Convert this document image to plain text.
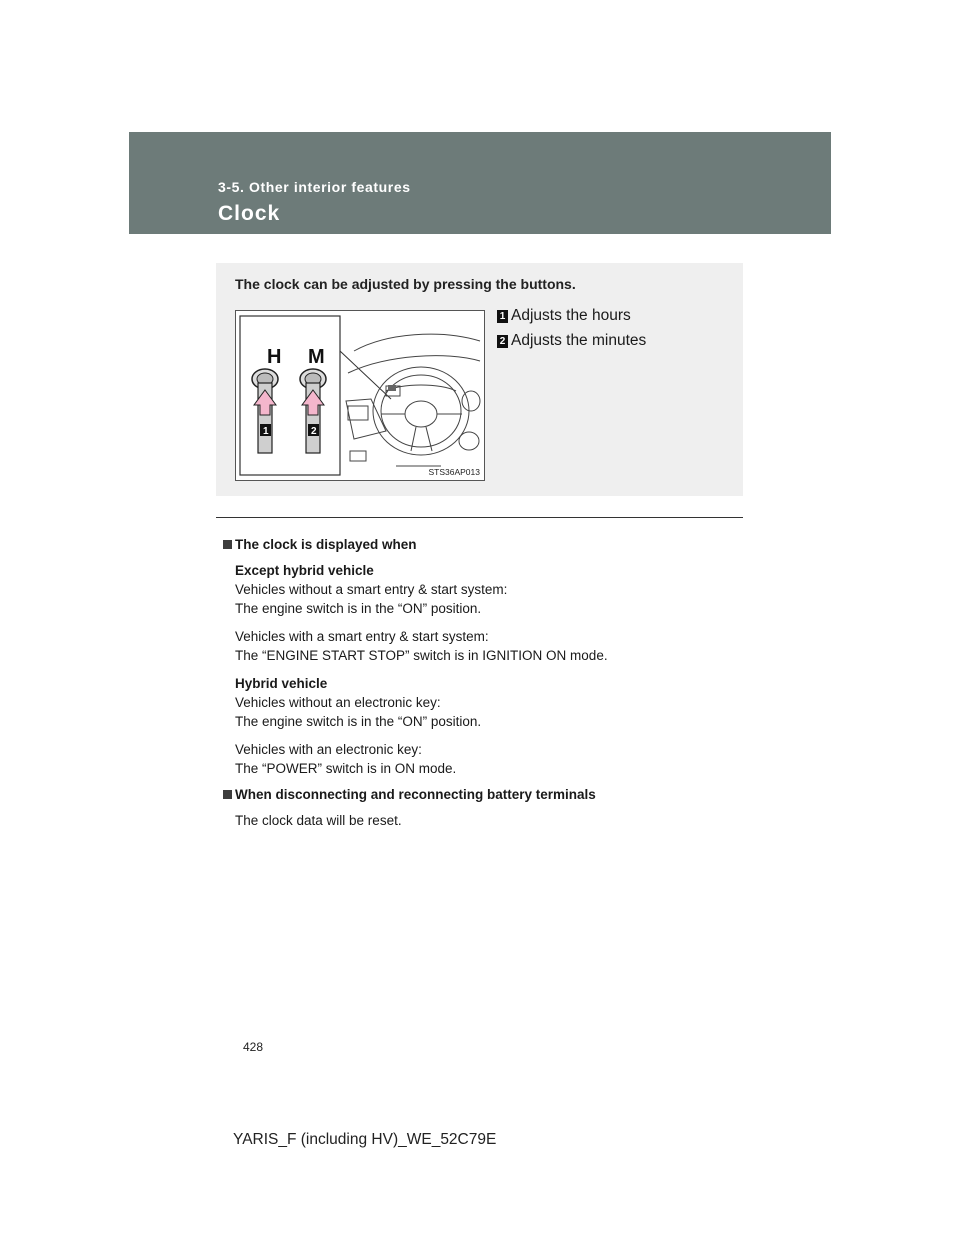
3-5. Other interior features
Clock
The clock can be adjusted by pressing the buttons.
1 Adjusts the hours
2 Adjusts the minutes
H M
1	2
STS36AP013
The clock is displayed when
Except hybrid vehicle
Vehicles without a smart entry & start system:
The engine switch is in the “ON” position.
Vehicles with a smart entry & start system:
The “ENGINE START STOP” switch is in IGNITION ON mode.
Hybrid vehicle
Vehicles without an electronic key:
The engine switch is in the “ON” position.
Vehicles with an electronic key:
The “POWER” switch is in ON mode.
When disconnecting and reconnecting battery terminals
The clock data will be reset.
428
YARIS_F (including HV)_WE_52C79E
